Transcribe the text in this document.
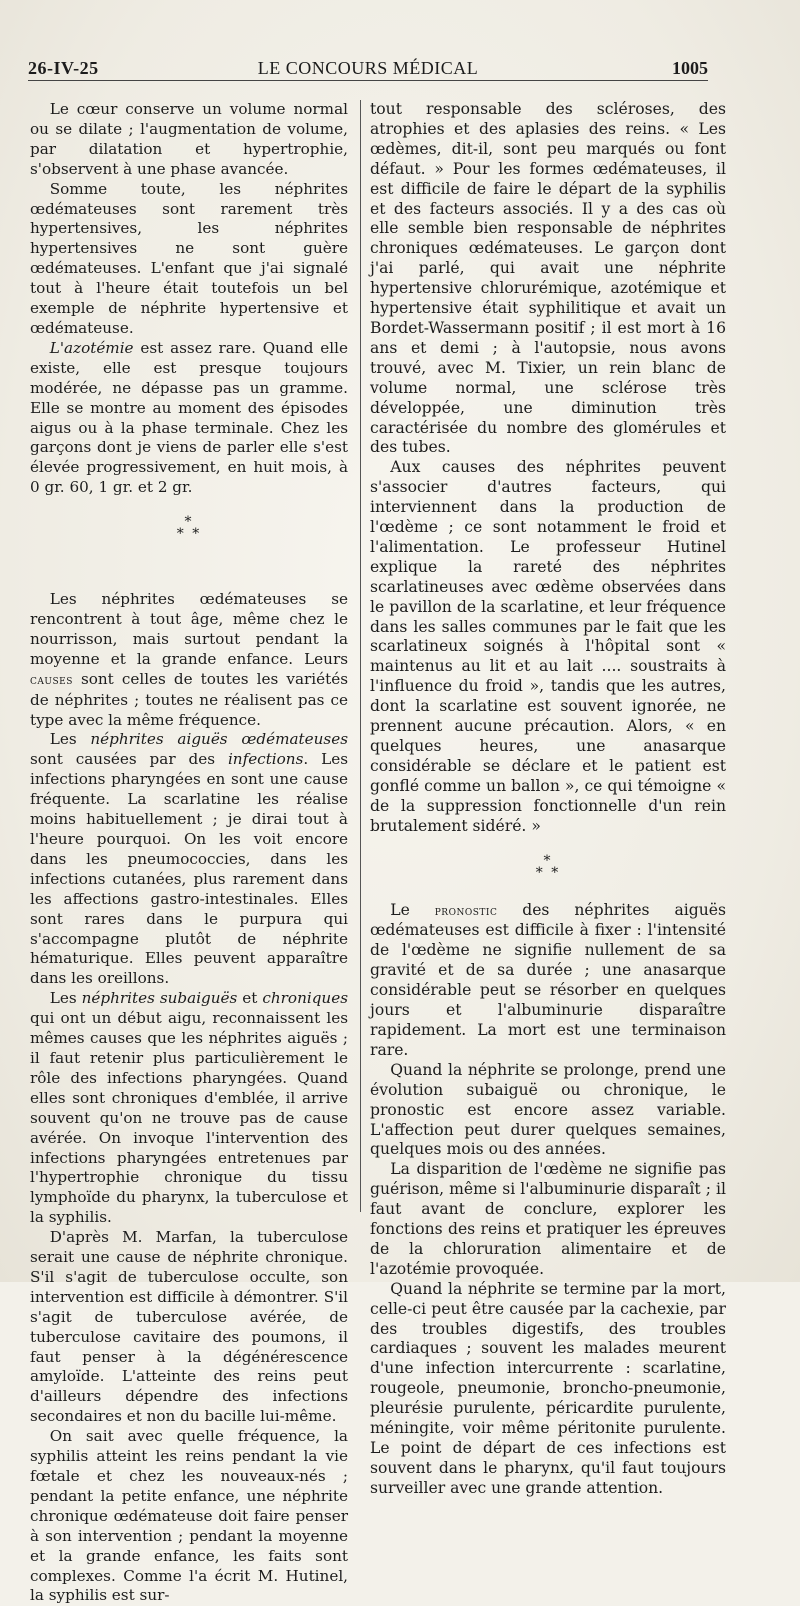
26-IV-25	LE CONCOURS MÉDICAL	1005

Le cœur conserve un volume normal ou se dilate ; l'augmentation de volume, par dilatation et hypertrophie, s'observent à une phase avancée.

Somme toute, les néphrites œdémateuses sont rarement très hypertensives, les néphrites hypertensives ne sont guère œdémateuses. L'enfant que j'ai signalé tout à l'heure était toutefois un bel exemple de néphrite hypertensive et œdémateuse.

L'azotémie est assez rare. Quand elle existe, elle est presque toujours modérée, ne dépasse pas un gramme. Elle se montre au moment des épisodes aigus ou à la phase terminale. Chez les garçons dont je viens de parler elle s'est élevée progressivement, en huit mois, à 0 gr. 60, 1 gr. et 2 gr.

*
* *

Les néphrites œdémateuses se rencontrent à tout âge, même chez le nourrisson, mais surtout pendant la moyenne et la grande enfance. Leurs causes sont celles de toutes les variétés de néphrites ; toutes ne réalisent pas ce type avec la même fréquence.

Les néphrites aiguës œdémateuses sont causées par des infections. Les infections pharyngées en sont une cause fréquente. La scarlatine les réalise moins habituellement ; je dirai tout à l'heure pourquoi. On les voit encore dans les pneumococcies, dans les infections cutanées, plus rarement dans les affections gastro-intestinales. Elles sont rares dans le purpura qui s'accompagne plutôt de néphrite hématurique. Elles peuvent apparaître dans les oreillons.

Les néphrites subaiguës et chroniques qui ont un début aigu, reconnaissent les mêmes causes que les néphrites aiguës ; il faut retenir plus particulièrement le rôle des infections pharyngées. Quand elles sont chroniques d'emblée, il arrive souvent qu'on ne trouve pas de cause avérée. On invoque l'intervention des infections pharyngées entretenues par l'hypertrophie chronique du tissu lymphoïde du pharynx, la tuberculose et la syphilis.

D'après M. Marfan, la tuberculose serait une cause de néphrite chronique. S'il s'agit de tuberculose occulte, son intervention est difficile à démontrer. S'il s'agit de tuberculose avérée, de tuberculose cavitaire des poumons, il faut penser à la dégénérescence amyloïde. L'atteinte des reins peut d'ailleurs dépendre des infections secondaires et non du bacille lui-même.

On sait avec quelle fréquence, la syphilis atteint les reins pendant la vie fœtale et chez les nouveaux-nés ; pendant la petite enfance, une néphrite chronique œdémateuse doit faire penser à son intervention ; pendant la moyenne et la grande enfance, les faits sont complexes. Comme l'a écrit M. Hutinel, la syphilis est sur-

tout responsable des scléroses, des atrophies et des aplasies des reins. « Les œdèmes, dit-il, sont peu marqués ou font défaut. » Pour les formes œdémateuses, il est difficile de faire le départ de la syphilis et des facteurs associés. Il y a des cas où elle semble bien responsable de néphrites chroniques œdémateuses. Le garçon dont j'ai parlé, qui avait une néphrite hypertensive chlorurémique, azotémique et hypertensive était syphilitique et avait un Bordet-Wassermann positif ; il est mort à 16 ans et demi ; à l'autopsie, nous avons trouvé, avec M. Tixier, un rein blanc de volume normal, une sclérose très développée, une diminution très caractérisée du nombre des glomérules et des tubes.

Aux causes des néphrites peuvent s'associer d'autres facteurs, qui interviennent dans la production de l'œdème ; ce sont notamment le froid et l'alimentation. Le professeur Hutinel explique la rareté des néphrites scarlatineuses avec œdème observées dans le pavillon de la scarlatine, et leur fréquence dans les salles communes par le fait que les scarlatineux soignés à l'hôpital sont « maintenus au lit et au lait .... soustraits à l'influence du froid », tandis que les autres, dont la scarlatine est souvent ignorée, ne prennent aucune précaution. Alors, « en quelques heures, une anasarque considérable se déclare et le patient est gonflé comme un ballon », ce qui témoigne « de la suppression fonctionnelle d'un rein brutalement sidéré. »

*
* *

Le pronostic des néphrites aiguës œdémateuses est difficile à fixer : l'intensité de l'œdème ne signifie nullement de sa gravité et de sa durée ; une anasarque considérable peut se résorber en quelques jours et l'albuminurie disparaître rapidement. La mort est une terminaison rare.

Quand la néphrite se prolonge, prend une évolution subaiguë ou chronique, le pronostic est encore assez variable. L'affection peut durer quelques semaines, quelques mois ou des années.

La disparition de l'œdème ne signifie pas guérison, même si l'albuminurie disparaît ; il faut avant de conclure, explorer les fonctions des reins et pratiquer les épreuves de la chloruration alimentaire et de l'azotémie provoquée.

Quand la néphrite se termine par la mort, celle-ci peut être causée par la cachexie, par des troubles digestifs, des troubles cardiaques ; souvent les malades meurent d'une infection intercurrente : scarlatine, rougeole, pneumonie, broncho-pneumonie, pleurésie purulente, péricardite purulente, méningite, voir même péritonite purulente. Le point de départ de ces infections est souvent dans le pharynx, qu'il faut toujours surveiller avec une grande attention.
